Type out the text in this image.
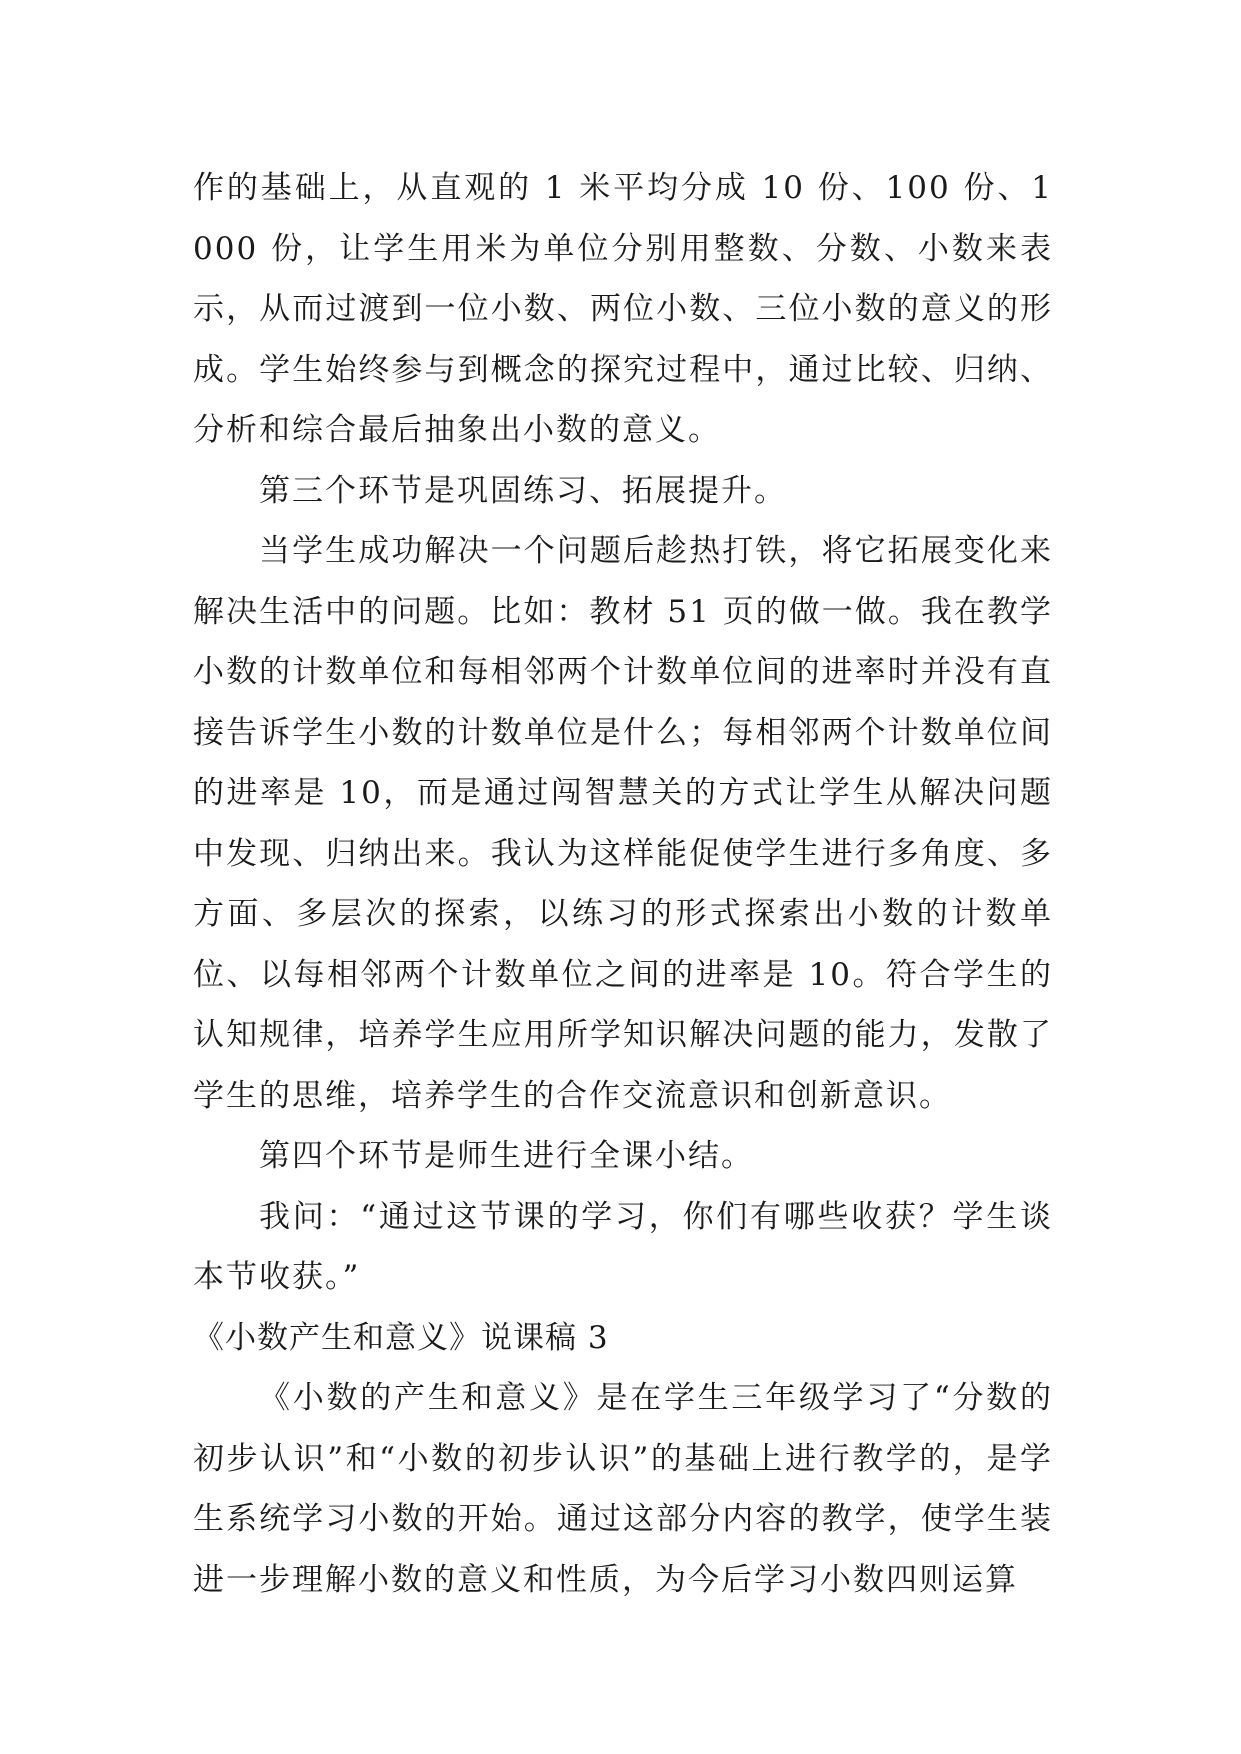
作的基础上，从直观的 1 米平均分成 10 份、100 份、1000 份，让学生用米为单位分别用整数、分数、小数来表示，从而过渡到一位小数、两位小数、三位小数的意义的形成。学生始终参与到概念的探究过程中，通过比较、归纳、分析和综合最后抽象出小数的意义。

第三个环节是巩固练习、拓展提升。

当学生成功解决一个问题后趁热打铁，将它拓展变化来解决生活中的问题。比如：教材 51 页的做一做。我在教学小数的计数单位和每相邻两个计数单位间的进率时并没有直接告诉学生小数的计数单位是什么；每相邻两个计数单位间的进率是 10，而是通过闯智慧关的方式让学生从解决问题中发现、归纳出来。我认为这样能促使学生进行多角度、多方面、多层次的探索，以练习的形式探索出小数的计数单位、以每相邻两个计数单位之间的进率是 10。符合学生的认知规律，培养学生应用所学知识解决问题的能力，发散了学生的思维，培养学生的合作交流意识和创新意识。

第四个环节是师生进行全课小结。

我问：“通过这节课的学习，你们有哪些收获？学生谈本节收获。”

《小数产生和意义》说课稿 3

《小数的产生和意义》是在学生三年级学习了“分数的初步认识”和“小数的初步认识”的基础上进行教学的，是学生系统学习小数的开始。通过这部分内容的教学，使学生装进一步理解小数的意义和性质，为今后学习小数四则运算
